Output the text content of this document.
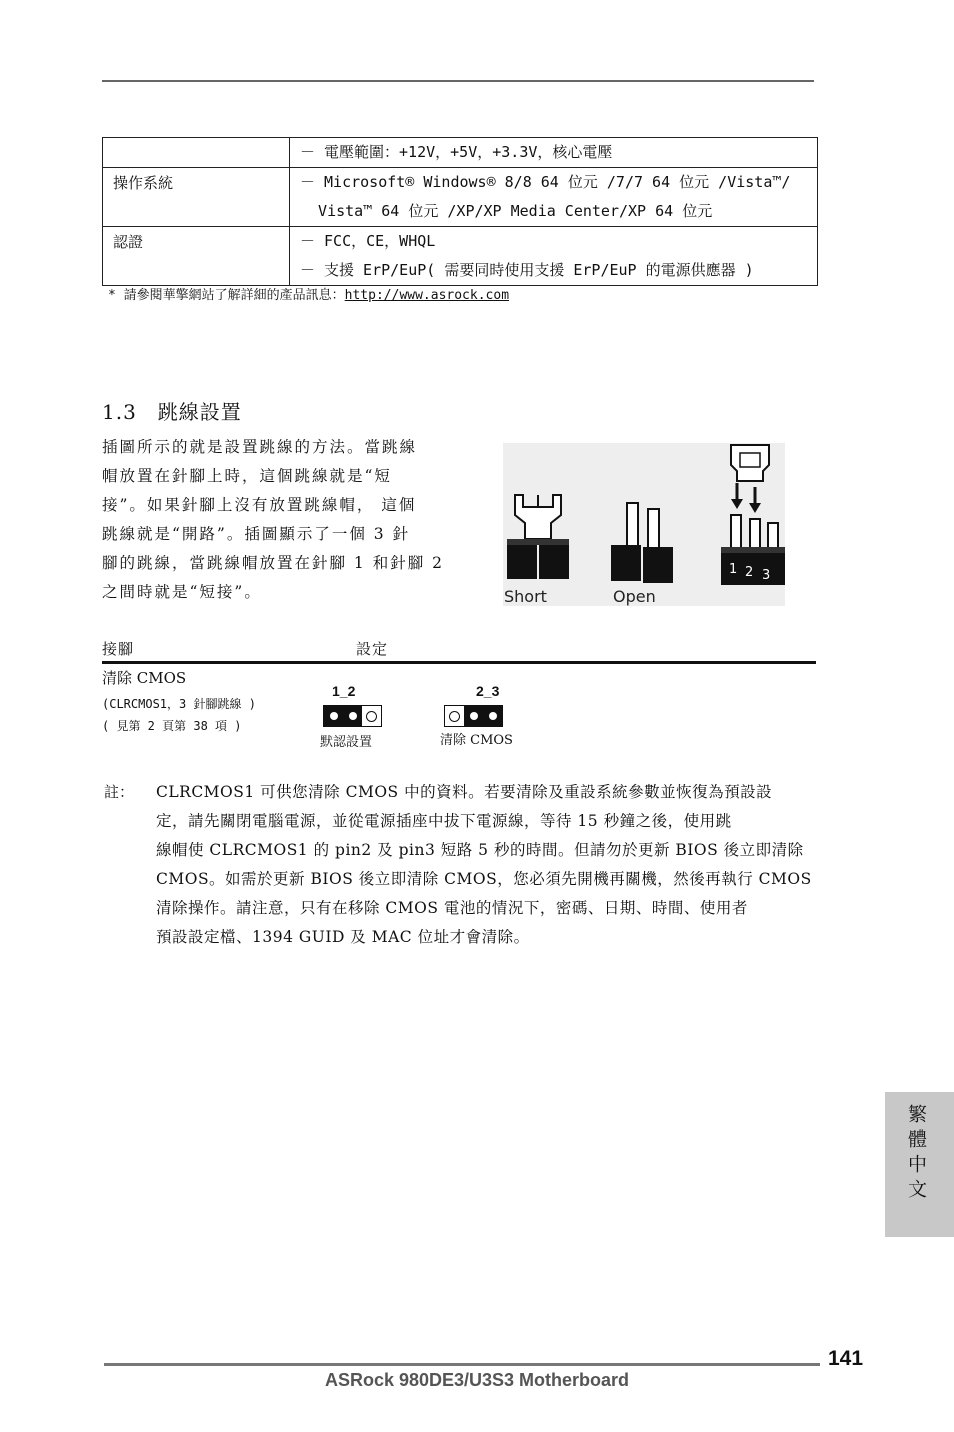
	－ 電壓範圍：+12V，+5V，+3.3V，核心電壓

操作系統	－ Microsoft® Windows® 8/8 64 位元 /7/7 64 位元 /Vista™/
Vista™ 64 位元 /XP/XP Media Center/XP 64 位元

認證	－ FCC，CE，WHQL
－ 支援 ErP/EuP( 需要同時使用支援 ErP/EuP 的電源供應器 )
* 請參閱華擎網站了解詳細的產品訊息：http://www.asrock.com
1.3　跳線設置

插圖所示的就是設置跳線的方法。當跳線

帽放置在針腳上時，這個跳線就是“短

接”。如果針腳上沒有放置跳線帽， 這個

跳線就是“開路”。插圖顯示了一個 3 針

腳的跳線，當跳線帽放置在針腳 1 和針腳 2

之間時就是“短接”。	Short	Open
1 2 3
接腳	設定
清除 CMOS
(CLRCMOS1，3 針腳跳線 )
( 見第 2 頁第 38 項 )
1_2
默認設置
2_3
清除 CMOS
註： CLRCMOS1 可供您清除 CMOS 中的資料。若要清除及重設系統參數並恢復為預設設

定，請先關閉電腦電源，並從電源插座中拔下電源線，等待 15 秒鐘之後，使用跳

線帽使 CLRCMOS1 的 pin2 及 pin3 短路 5 秒的時間。但請勿於更新 BIOS 後立即清除

CMOS。如需於更新 BIOS 後立即清除 CMOS，您必須先開機再關機，然後再執行 CMOS

清除操作。請注意，只有在移除 CMOS 電池的情況下，密碼、日期、時間、使用者

預設設定檔、1394 GUID 及 MAC 位址才會清除。

繁體中文
141
ASRock 980DE3/U3S3 Motherboard
